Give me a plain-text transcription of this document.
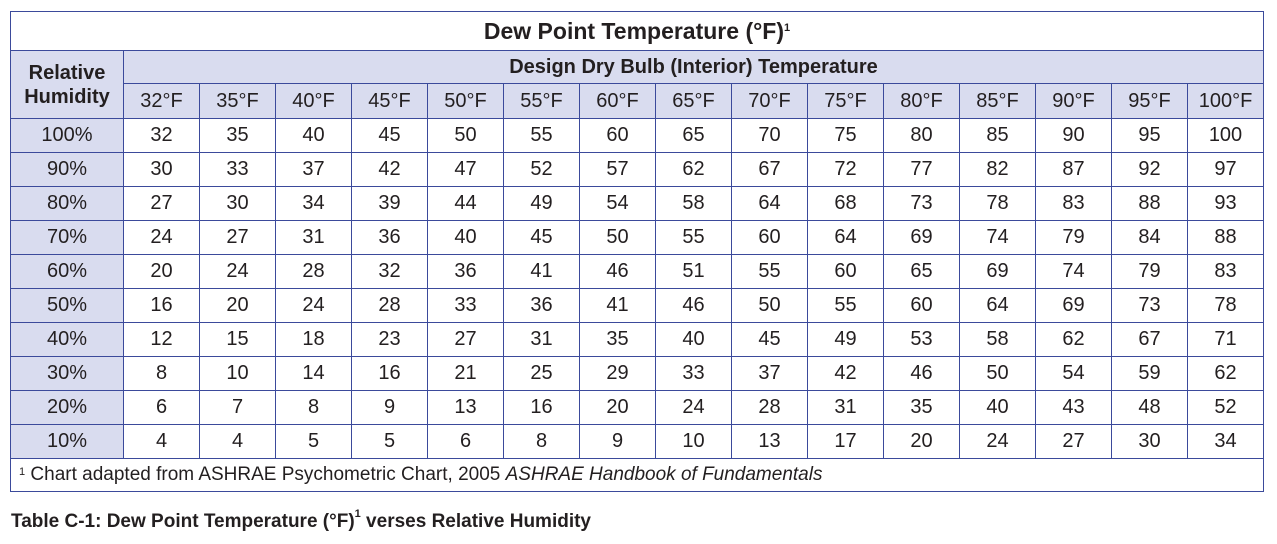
Dew Point Temperature $(^\circ F)^1$
Relative Humidity	Design Dry Bulb (Interior) Temperature														
	32°F	35°F	40°F	45°F	50°F	55°F	60°F	65°F	70°F	75°F	80°F	85°F	90°F	95°F	100°F
100%	32	35	40	45	50	55	60	65	70	75	80	85	90	95	100
90%	30	33	37	42	47	52	57	62	67	72	77	82	87	92	97
80%	27	30	34	39	44	49	54	58	64	68	73	78	83	88	93
70%	24	27	31	36	40	45	50	55	60	64	69	74	79	84	88
60%	20	24	28	32	36	41	46	51	55	60	65	69	74	79	83
50%	16	20	24	28	33	36	41	46	50	55	60	64	69	73	78
40%	12	15	18	23	27	31	35	40	45	49	53	58	62	67	71
30%	8	10	14	16	21	25	29	33	37	42	46	50	54	59	62
20%	6	7	8	9	13	16	20	24	28	31	35	40	43	48	52
10%	4	4	5	5	6	8	9	10	13	17	20	24	27	30	34
$^1$ Chart adapted from ASHRAE Psychometric Chart, 2005 ASHRAE Handbook of Fundamentals															
Table C-1: Dew Point Temperature $(^\circ F)^1$ verses Relative Humidity
